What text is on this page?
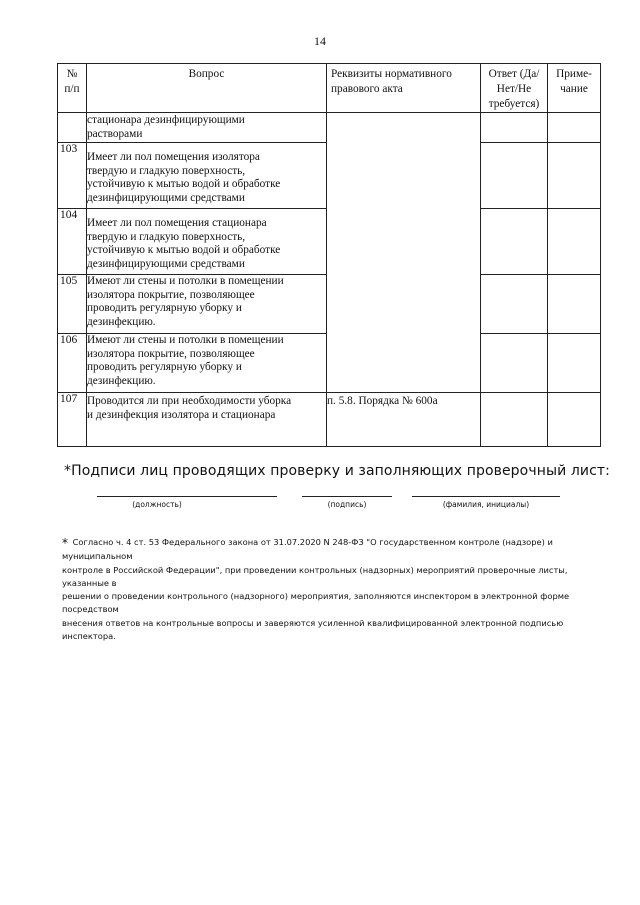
14
№
п/п	Вопрос	Реквизиты нормативного
правового акта	Ответ (Да/
Нет/Не
требуется)	Приме-
чание
	стационара дезинфицирующими
растворами			
103	Имеет ли пол помещения изолятора
твердую и гладкую поверхность,
устойчивую к мытью водой и обработке
дезинфицирующими средствами			
104	Имеет ли пол помещения стационара
твердую и гладкую поверхность,
устойчивую к мытью водой и обработке
дезинфицирующими средствами			
105	Имеют ли стены и потолки в помещении
изолятора покрытие, позволяющее
проводить регулярную уборку и
дезинфекцию.			
106	Имеют ли стены и потолки в помещении
изолятора покрытие, позволяющее
проводить регулярную уборку и
дезинфекцию.			
107	Проводится ли при необходимости уборка
и дезинфекция изолятора и стационара	п. 5.8. Порядка № 600а		
*Подписи лиц проводящих проверку и заполняющих проверочный лист:
(должность)	(подпись)	(фамилия, инициалы)
* Согласно ч. 4 ст. 53 Федерального закона от 31.07.2020 N 248-ФЗ "О государственном контроле (надзоре) и муниципальном
контроле в Российской Федерации", при проведении контрольных (надзорных) мероприятий проверочные листы, указанные в
решении о проведении контрольного (надзорного) мероприятия, заполняются инспектором в электронной форме посредством
внесения ответов на контрольные вопросы и заверяются усиленной квалифицированной электронной подписью инспектора.
